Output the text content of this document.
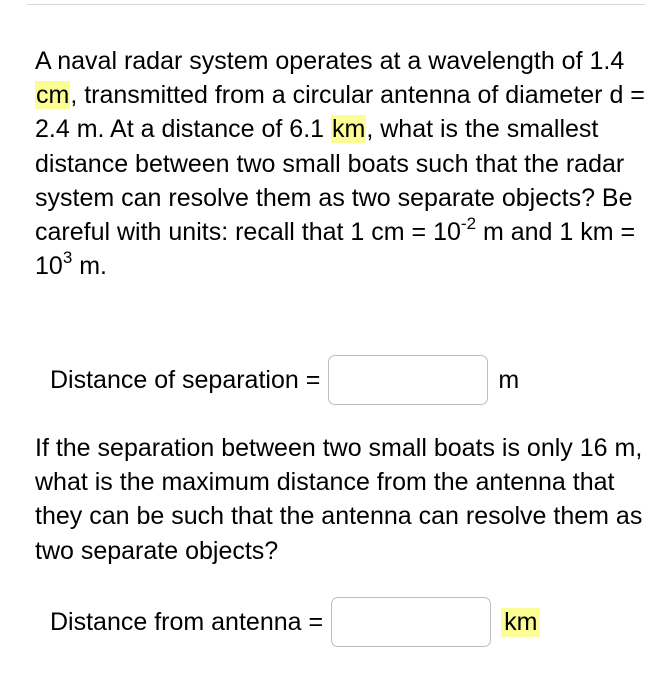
A naval radar system operates at a wavelength of 1.4 cm, transmitted from a circular antenna of diameter d = 2.4 m. At a distance of 6.1 km, what is the smallest distance between two small boats such that the radar system can resolve them as two separate objects? Be careful with units: recall that 1 cm = $10^{-2}$ m and 1 km = $10^3$ m.
Distance of separation =	m
If the separation between two small boats is only 16 m, what is the maximum distance from the antenna that they can be such that the antenna can resolve them as two separate objects?
Distance from antenna =	km
